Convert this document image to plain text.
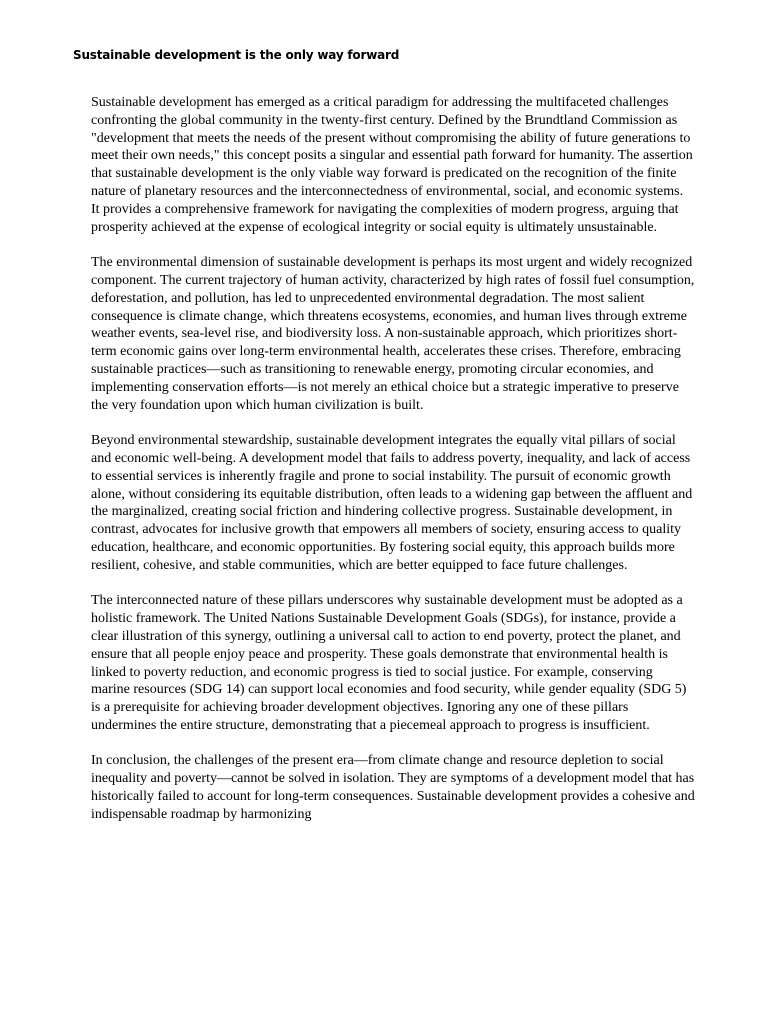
Sustainable development is the only way forward

Sustainable development has emerged as a critical paradigm for addressing the multifaceted challenges confronting the global community in the twenty-first century. Defined by the Brundtland Commission as "development that meets the needs of the present without compromising the ability of future generations to meet their own needs," this concept posits a singular and essential path forward for humanity. The assertion that sustainable development is the only viable way forward is predicated on the recognition of the finite nature of planetary resources and the interconnectedness of environmental, social, and economic systems. It provides a comprehensive framework for navigating the complexities of modern progress, arguing that prosperity achieved at the expense of ecological integrity or social equity is ultimately unsustainable.

The environmental dimension of sustainable development is perhaps its most urgent and widely recognized component. The current trajectory of human activity, characterized by high rates of fossil fuel consumption, deforestation, and pollution, has led to unprecedented environmental degradation. The most salient consequence is climate change, which threatens ecosystems, economies, and human lives through extreme weather events, sea-level rise, and biodiversity loss. A non-sustainable approach, which prioritizes short-term economic gains over long-term environmental health, accelerates these crises. Therefore, embracing sustainable practices—such as transitioning to renewable energy, promoting circular economies, and implementing conservation efforts—is not merely an ethical choice but a strategic imperative to preserve the very foundation upon which human civilization is built.

Beyond environmental stewardship, sustainable development integrates the equally vital pillars of social and economic well-being. A development model that fails to address poverty, inequality, and lack of access to essential services is inherently fragile and prone to social instability. The pursuit of economic growth alone, without considering its equitable distribution, often leads to a widening gap between the affluent and the marginalized, creating social friction and hindering collective progress. Sustainable development, in contrast, advocates for inclusive growth that empowers all members of society, ensuring access to quality education, healthcare, and economic opportunities. By fostering social equity, this approach builds more resilient, cohesive, and stable communities, which are better equipped to face future challenges.

The interconnected nature of these pillars underscores why sustainable development must be adopted as a holistic framework. The United Nations Sustainable Development Goals (SDGs), for instance, provide a clear illustration of this synergy, outlining a universal call to action to end poverty, protect the planet, and ensure that all people enjoy peace and prosperity. These goals demonstrate that environmental health is linked to poverty reduction, and economic progress is tied to social justice. For example, conserving marine resources (SDG 14) can support local economies and food security, while gender equality (SDG 5) is a prerequisite for achieving broader development objectives. Ignoring any one of these pillars undermines the entire structure, demonstrating that a piecemeal approach to progress is insufficient.

In conclusion, the challenges of the present era—from climate change and resource depletion to social inequality and poverty—cannot be solved in isolation. They are symptoms of a development model that has historically failed to account for long-term consequences. Sustainable development provides a cohesive and indispensable roadmap by harmonizing
